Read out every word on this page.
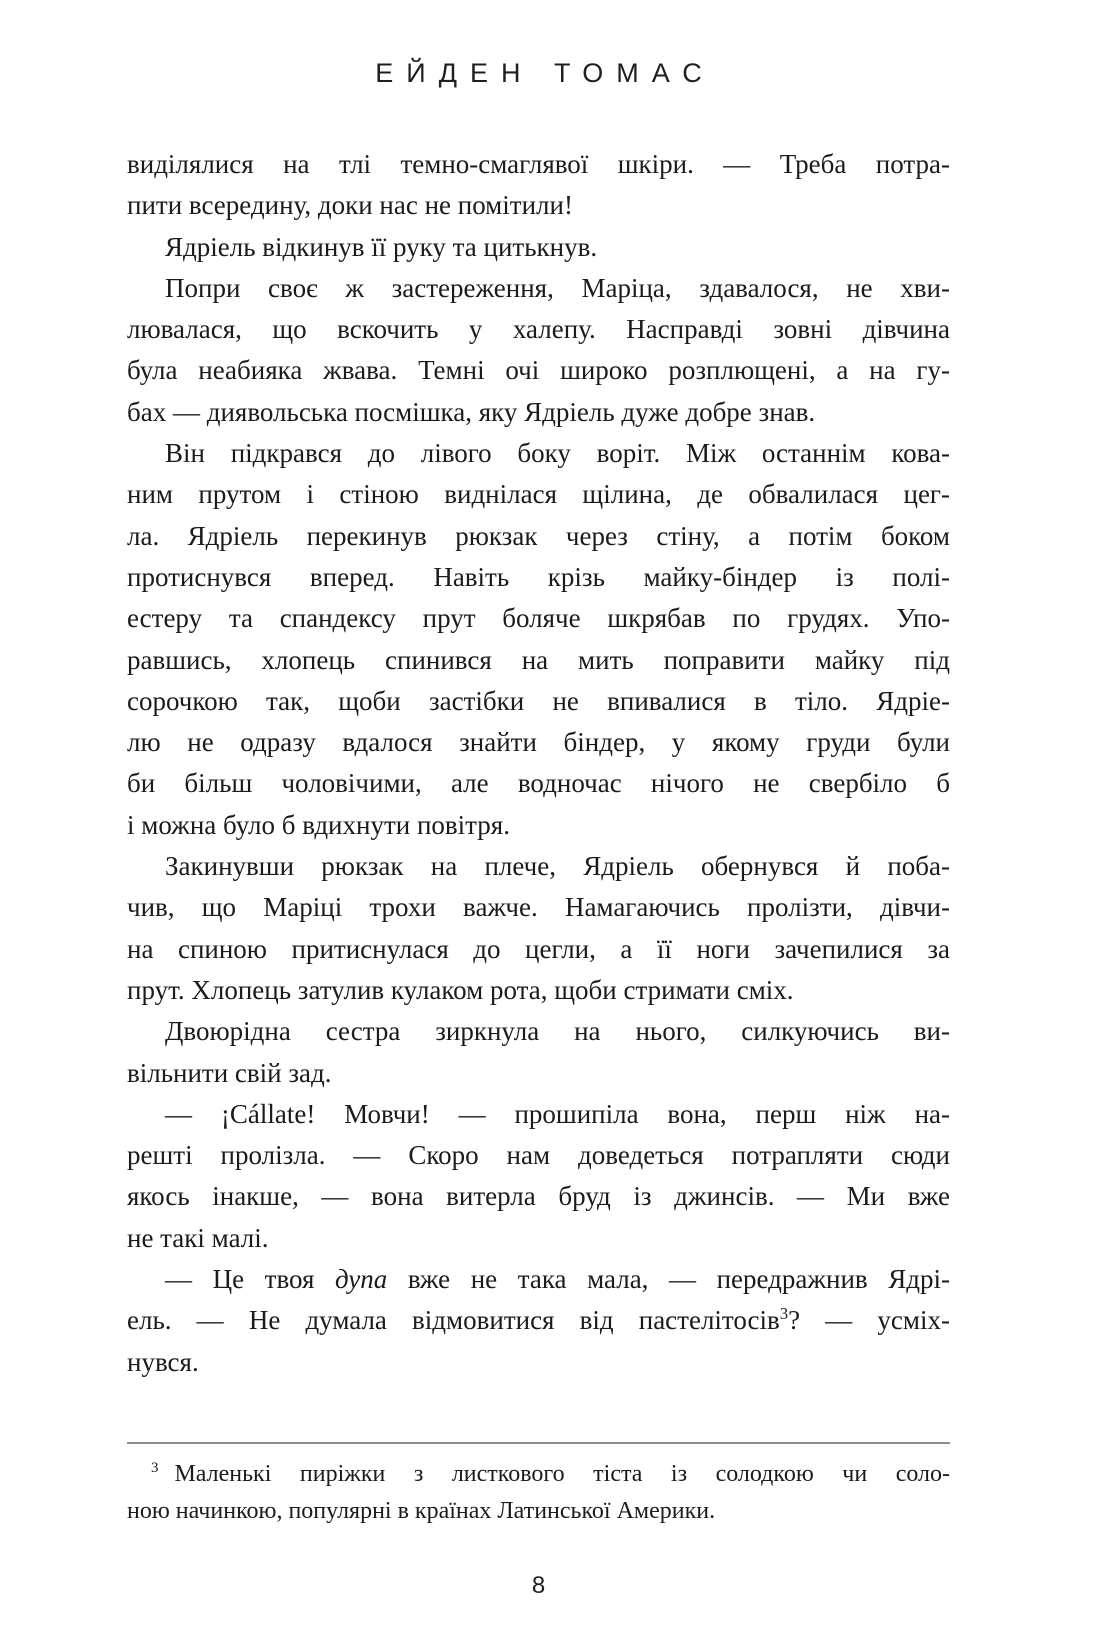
ЕЙДЕН ТОМАС
виділялися на тлі темно-смаглявої шкіри. — Треба потра-
пити всередину, доки нас не помітили!
Ядріель відкинув її руку та цитькнув.
Попри своє ж застереження, Маріца, здавалося, не хви-
лювалася, що вскочить у халепу. Насправді зовні дівчина
була неабияка жвава. Темні очі широко розплющені, а на гу-
бах — диявольська посмішка, яку Ядріель дуже добре знав.
Він підкрався до лівого боку воріт. Між останнім кова-
ним прутом і стіною виднілася щілина, де обвалилася цег-
ла. Ядріель перекинув рюкзак через стіну, а потім боком
протиснувся вперед. Навіть крізь майку-біндер із полі-
естеру та спандексу прут боляче шкрябав по грудях. Упо-
равшись, хлопець спинився на мить поправити майку під
сорочкою так, щоби застібки не впивалися в тіло. Ядріе-
лю не одразу вдалося знайти біндер, у якому груди були
би більш чоловічими, але водночас нічого не свербіло б
і можна було б вдихнути повітря.
Закинувши рюкзак на плече, Ядріель обернувся й поба-
чив, що Маріці трохи важче. Намагаючись пролізти, дівчи-
на спиною притиснулася до цегли, а її ноги зачепилися за
прут. Хлопець затулив кулаком рота, щоби стримати сміх.
Двоюрідна сестра зиркнула на нього, силкуючись ви-
вільнити свій зад.
— ¡Cállate! Мовчи! — прошипіла вона, перш ніж на-
решті пролізла. — Скоро нам доведеться потрапляти сюди
якось інакше, — вона витерла бруд із джинсів. — Ми вже
не такі малі.
— Це твоя дупа вже не така мала, — передражнив Ядрі-
ель. — Не думала відмовитися від пастелітосів$^3$? — усміх-
нувся.
$^3$ Маленькі пиріжки з листкового тіста із солодкою чи соло-
ною начинкою, популярні в країнах Латинської Америки.
8
